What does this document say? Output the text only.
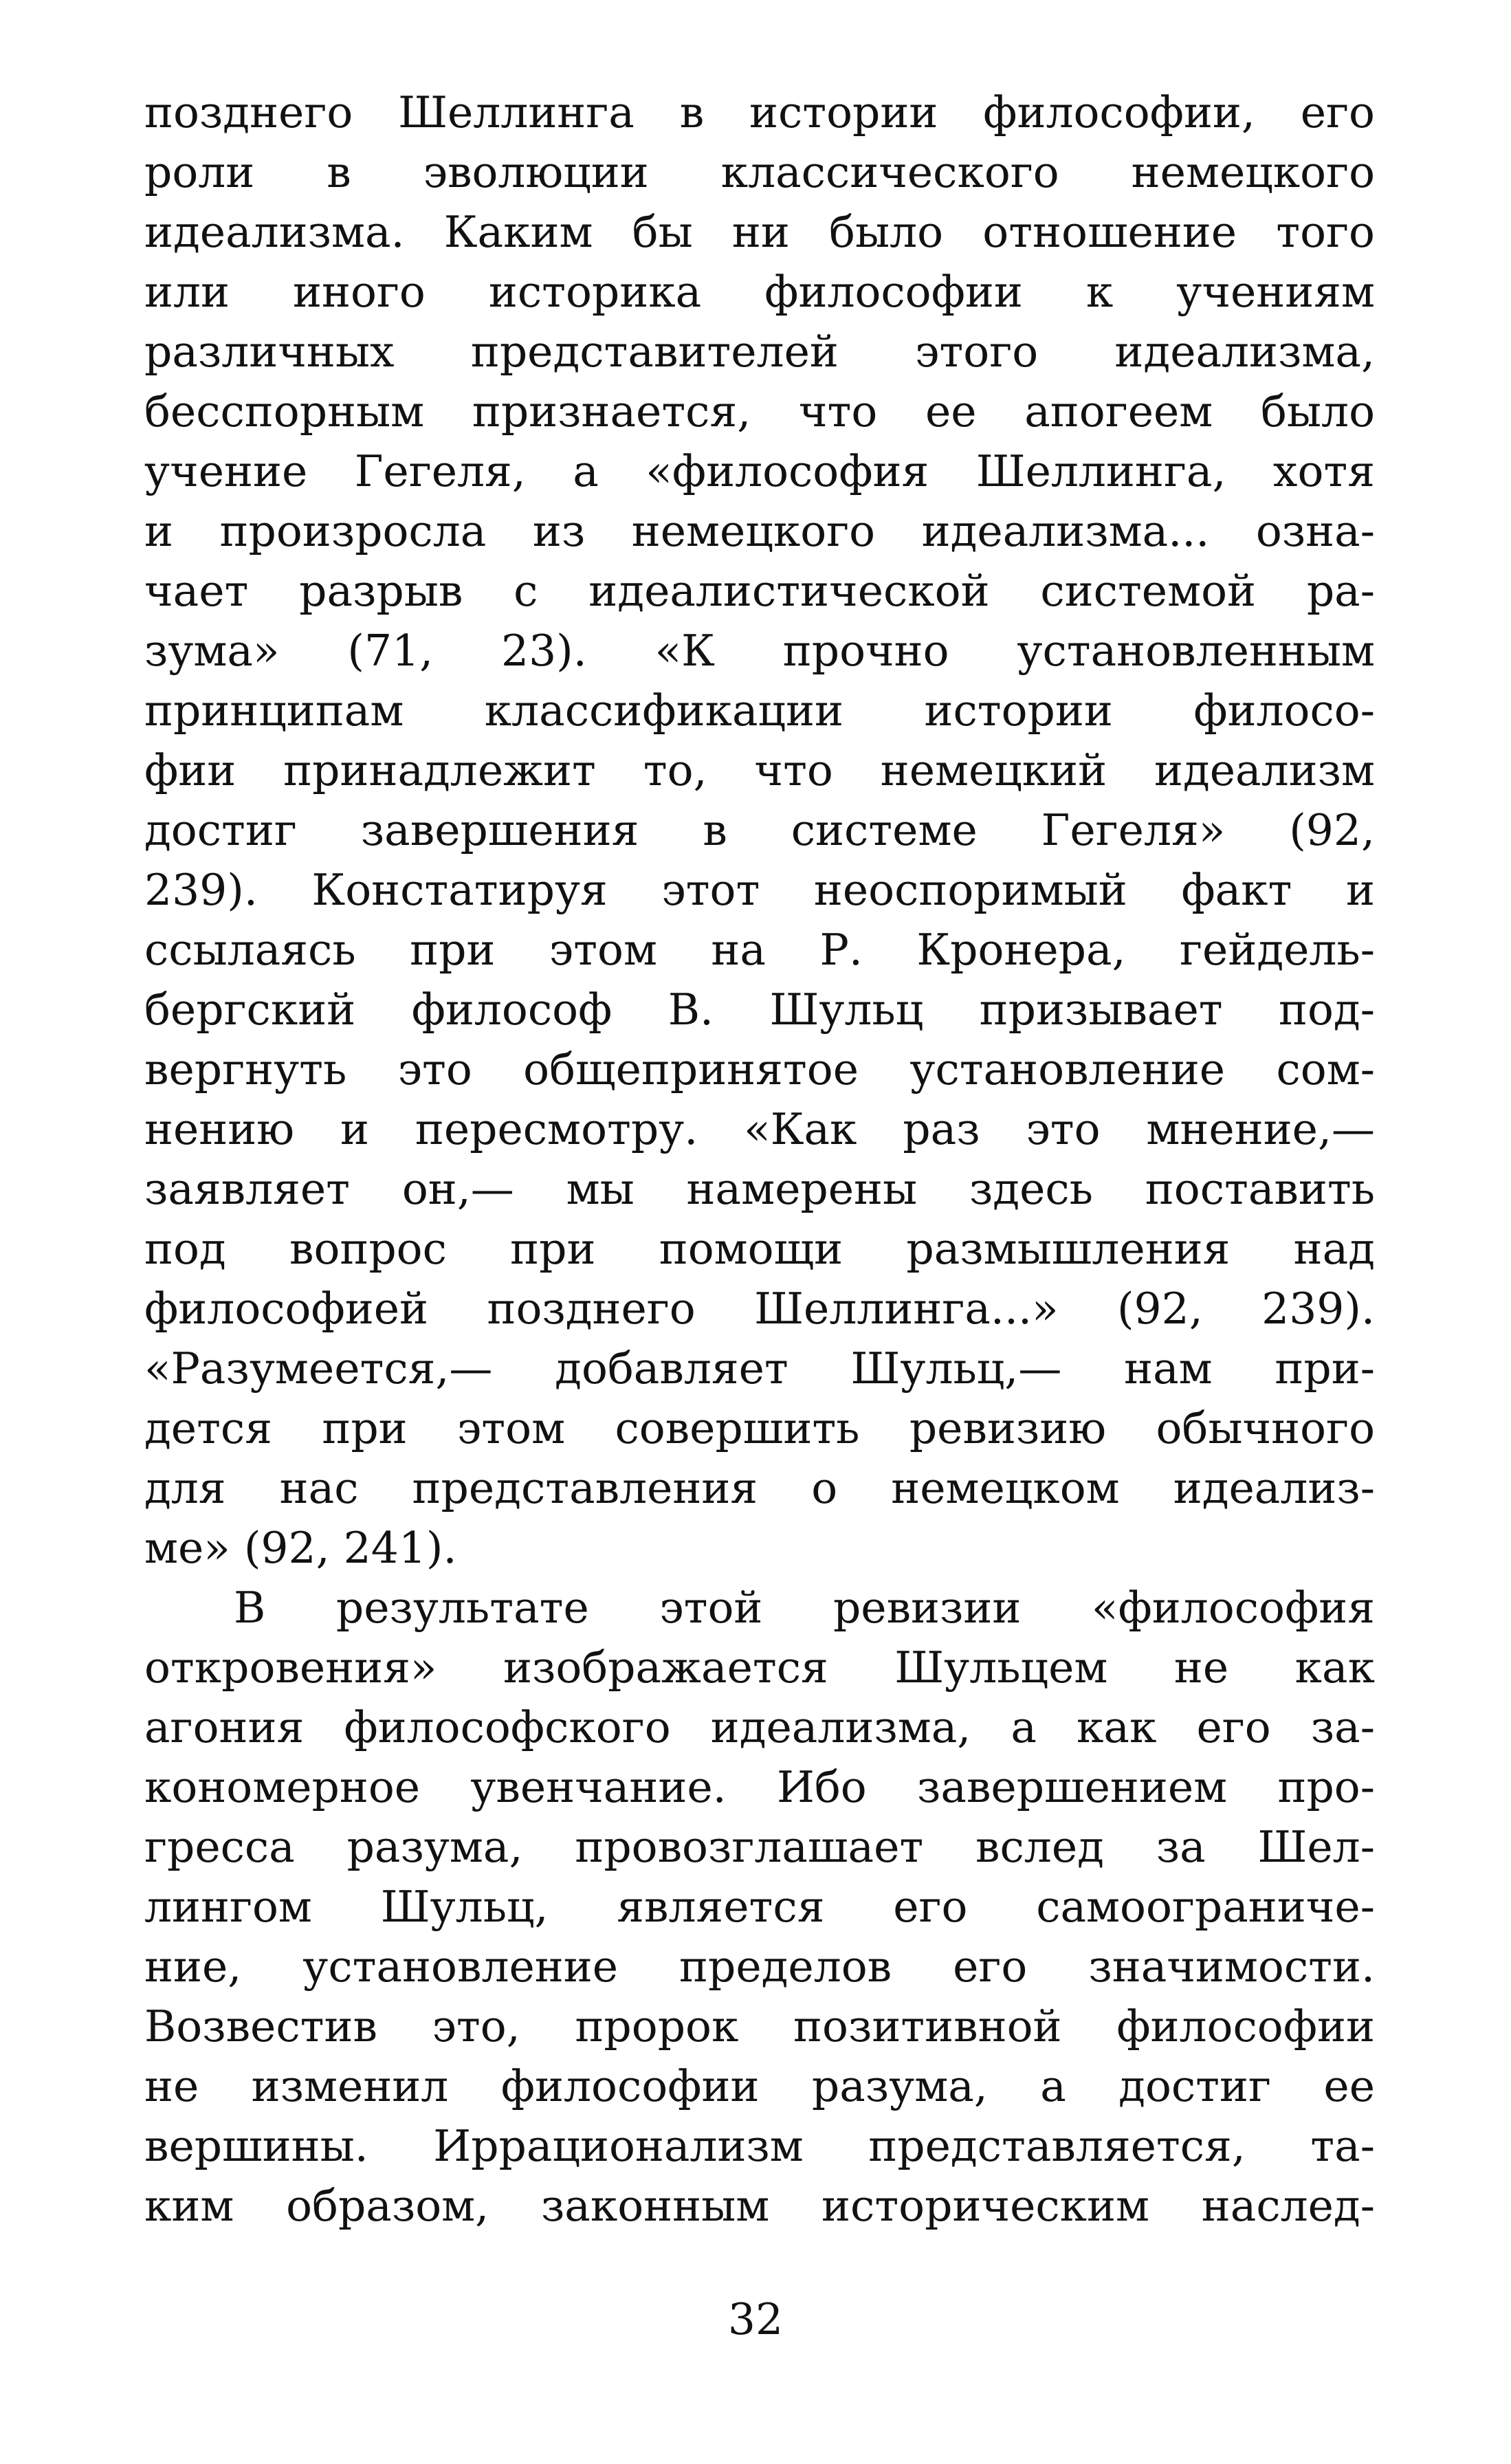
позднего Шеллинга в истории философии, его
роли в эволюции классического немецкого
идеализма. Каким бы ни было отношение того
или иного историка философии к учениям
различных представителей этого идеализма,
бесспорным признается, что ее апогеем было
учение Гегеля, а «философия Шеллинга, хотя
и произросла из немецкого идеализма... озна-
чает разрыв с идеалистической системой ра-
зума» (71, 23). «К прочно установленным
принципам классификации истории филосо-
фии принадлежит то, что немецкий идеализм
достиг завершения в системе Гегеля» (92,
239). Констатируя этот неоспоримый факт и
ссылаясь при этом на Р. Кронера, гейдель-
бергский философ В. Шульц призывает под-
вергнуть это общепринятое установление сом-
нению и пересмотру. «Как раз это мнение,—
заявляет он,— мы намерены здесь поставить
под вопрос при помощи размышления над
философией позднего Шеллинга...» (92, 239).
«Разумеется,— добавляет Шульц,— нам при-
дется при этом совершить ревизию обычного
для нас представления о немецком идеализ-
ме» (92, 241).
В результате этой ревизии «философия
откровения» изображается Шульцем не как
агония философского идеализма, а как его за-
кономерное увенчание. Ибо завершением про-
гресса разума, провозглашает вслед за Шел-
лингом Шульц, является его самоограниче-
ние, установление пределов его значимости.
Возвестив это, пророк позитивной философии
не изменил философии разума, а достиг ее
вершины. Иррационализм представляется, та-
ким образом, законным историческим наслед-
32
